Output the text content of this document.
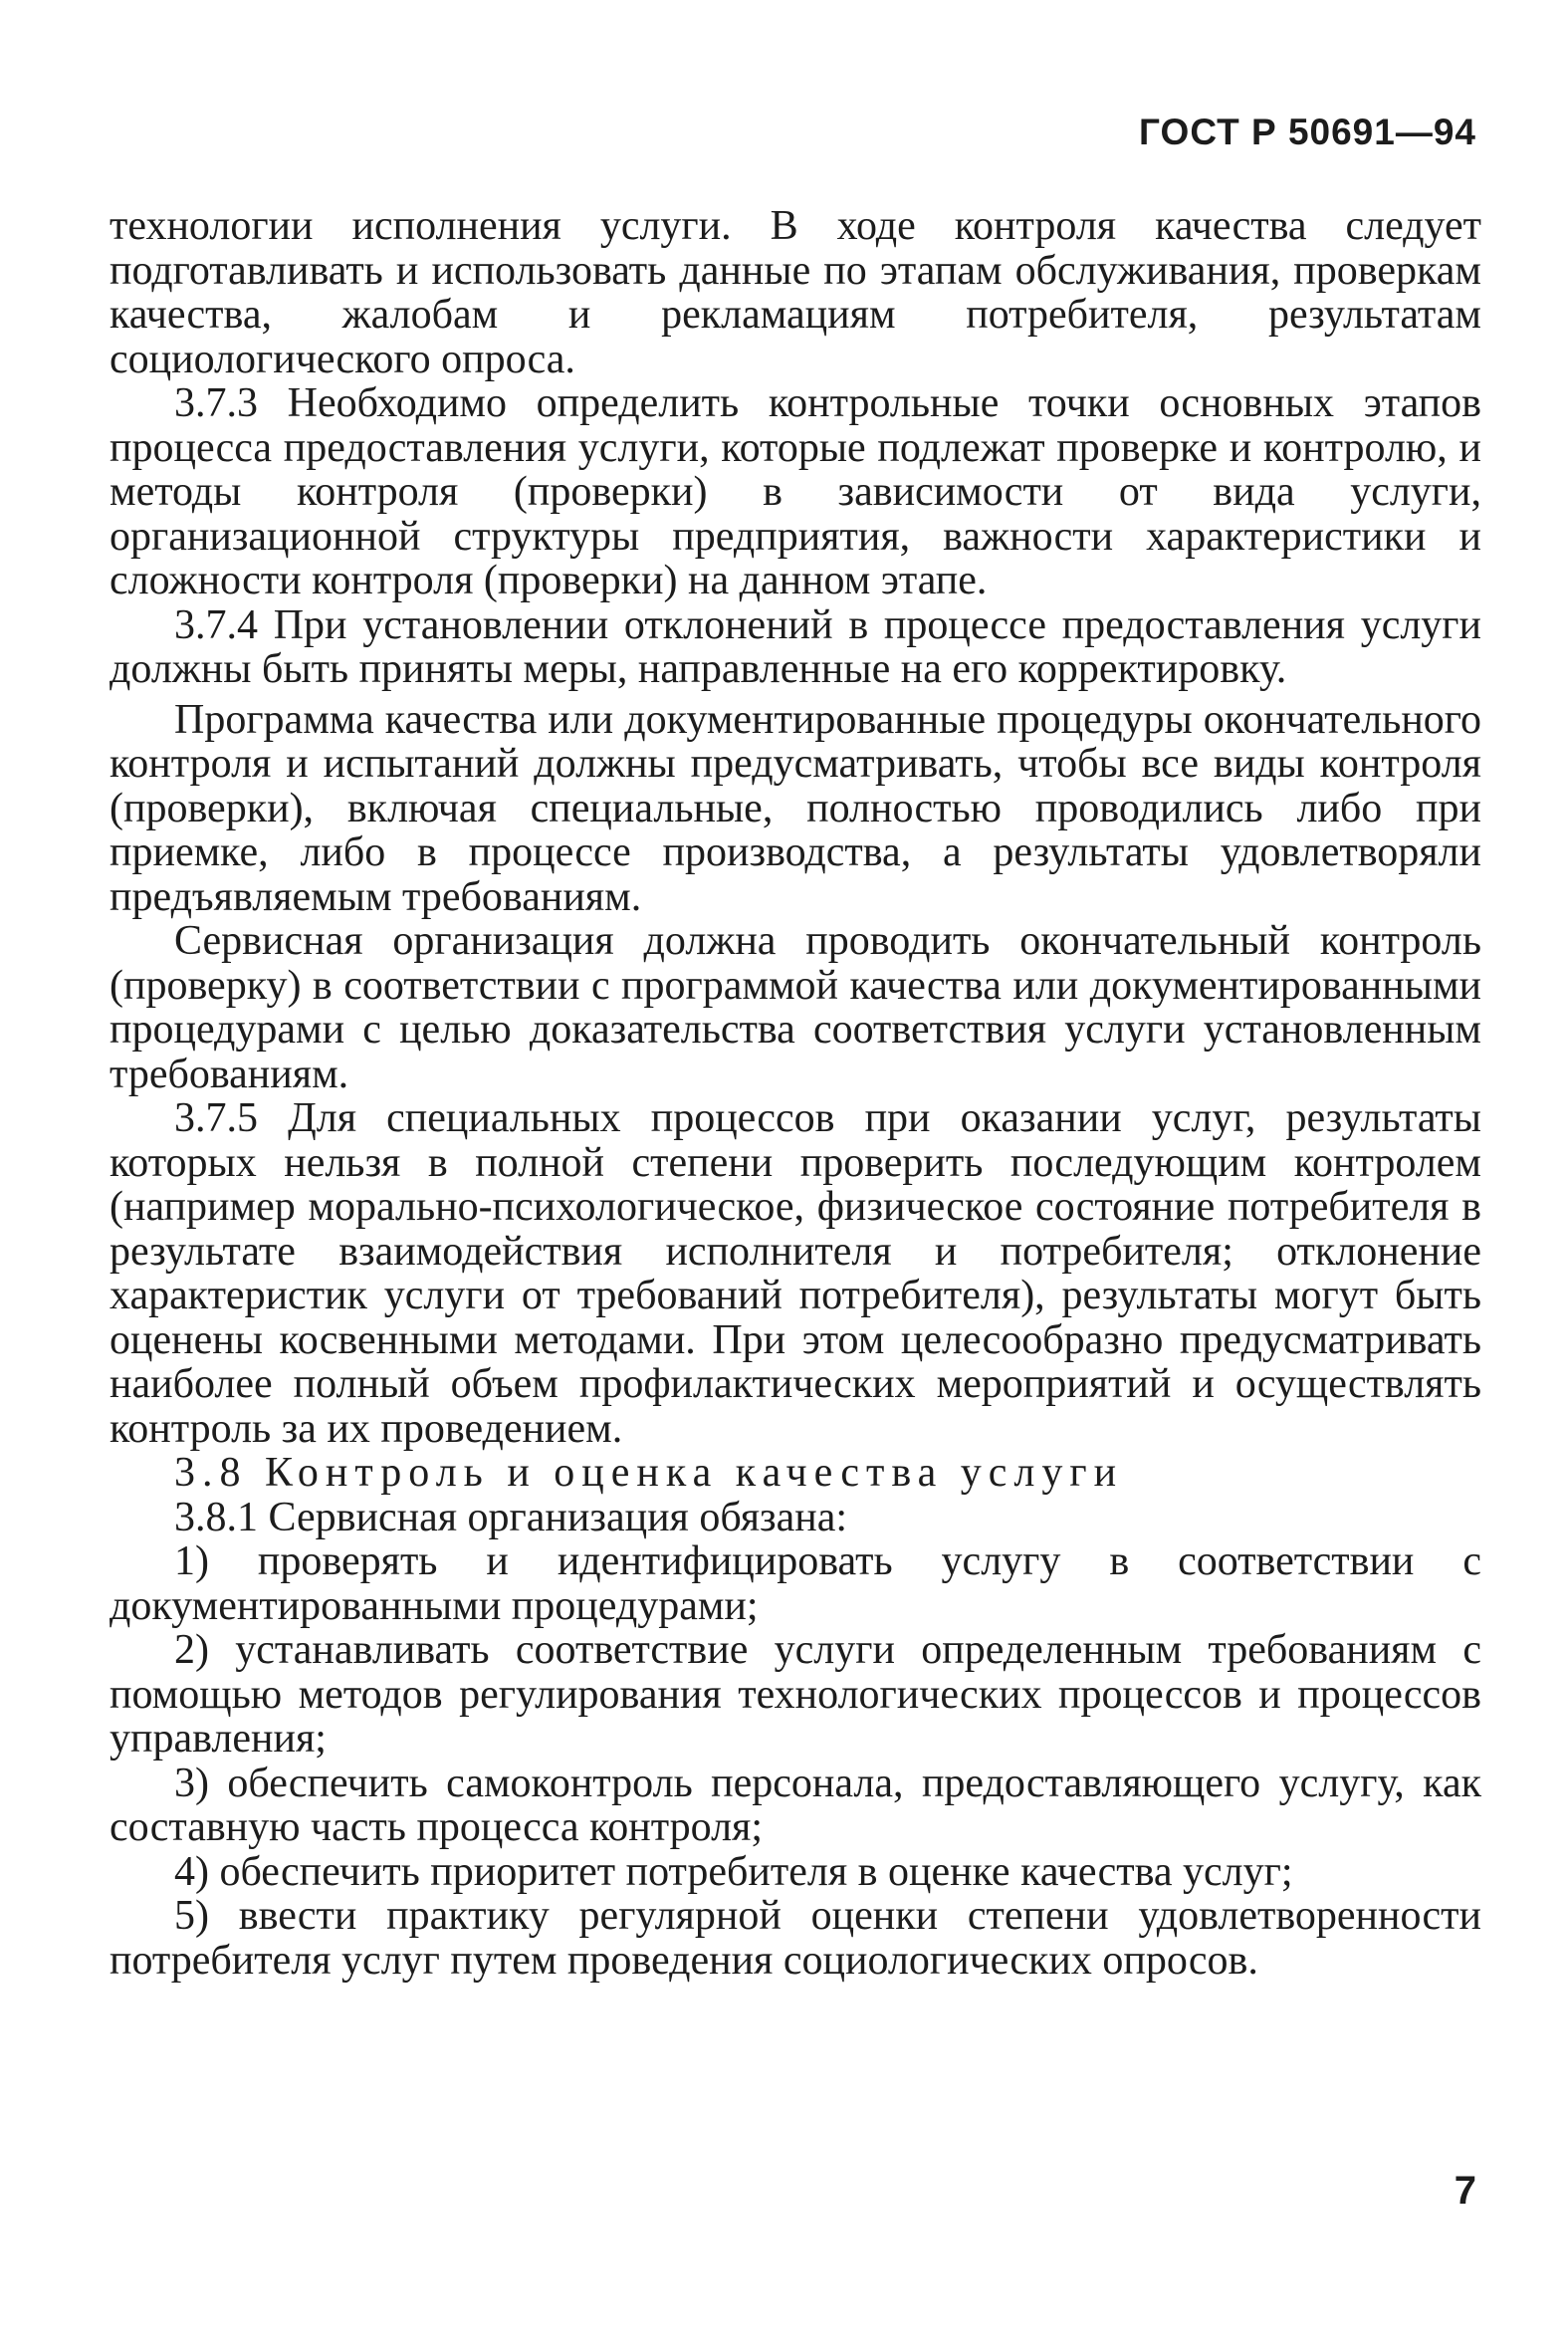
ГОСТ Р 50691—94

технологии исполнения услуги. В ходе контроля качества следует подготавливать и использовать данные по этапам обслуживания, проверкам качества, жалобам и рекламациям потребителя, результатам социологического опроса.

3.7.3 Необходимо определить контрольные точки основных этапов процесса предоставления услуги, которые подлежат проверке и контролю, и методы контроля (проверки) в зависимости от вида услуги, организационной структуры предприятия, важности характеристики и сложности контроля (проверки) на данном этапе.

3.7.4 При установлении отклонений в процессе предоставления услуги должны быть приняты меры, направленные на его корректировку.

Программа качества или документированные процедуры окончательного контроля и испытаний должны предусматривать, чтобы все виды контроля (проверки), включая специальные, полностью проводились либо при приемке, либо в процессе производства, а результаты удовлетворяли предъявляемым требованиям.

Сервисная организация должна проводить окончательный контроль (проверку) в соответствии с программой качества или документированными процедурами с целью доказательства соответствия услуги установленным требованиям.

3.7.5 Для специальных процессов при оказании услуг, результаты которых нельзя в полной степени проверить последующим контролем (например морально-психологическое, физическое состояние потребителя в результате взаимодействия исполнителя и потребителя; отклонение характеристик услуги от требований потребителя), результаты могут быть оценены косвенными методами. При этом целесообразно предусматривать наиболее полный объем профилактических мероприятий и осуществлять контроль за их проведением.

3.8 Контроль и оценка качества услуги

3.8.1 Сервисная организация обязана:

1) проверять и идентифицировать услугу в соответствии с документированными процедурами;

2) устанавливать соответствие услуги определенным требованиям с помощью методов регулирования технологических процессов и процессов управления;

3) обеспечить самоконтроль персонала, предоставляющего услугу, как составную часть процесса контроля;

4) обеспечить приоритет потребителя в оценке качества услуг;

5) ввести практику регулярной оценки степени удовлетворенности потребителя услуг путем проведения социологических опросов.

7
